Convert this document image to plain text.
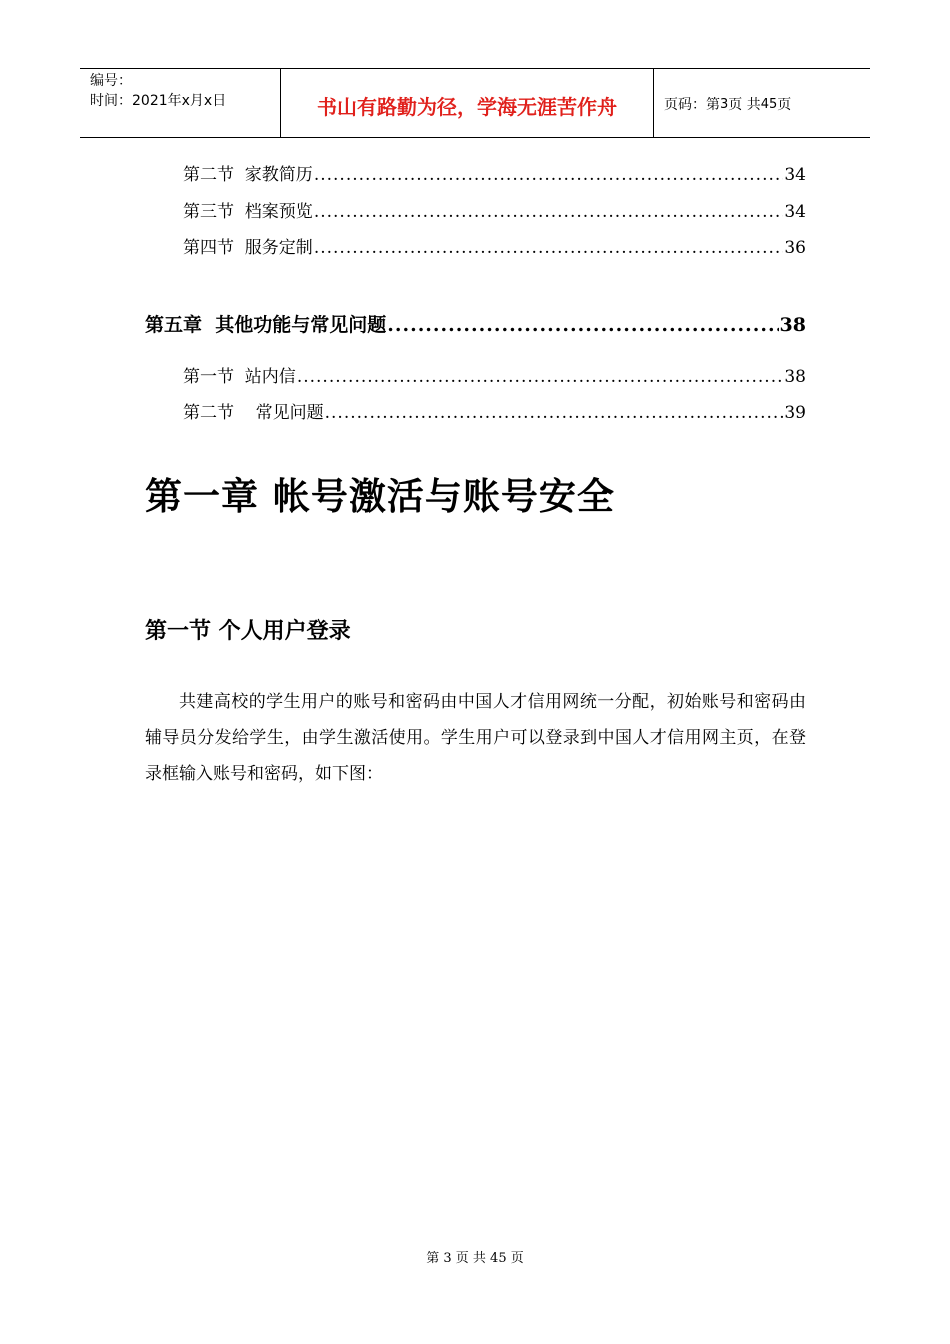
编号：
时间：2021年x月x日	书山有路勤为径，学海无涯苦作舟	页码：第 3 页 共 45 页
第二节  家教简历 .....	34
第三节  档案预览 .....	34
第四节  服务定制 .....	36
第五章  其他功能与常见问题 .....	38
第一节  站内信 .....	38
第二节    常见问题 .....	39
第一章 帐号激活与账号安全
第一节 个人用户登录
共建高校的学生用户的账号和密码由中国人才信用网统一分配，初始账号和密码由辅导员分发给学生，由学生激活使用。学生用户可以登录到中国人才信用网主页，在登录框输入账号和密码，如下图：
第 3 页 共 45 页
